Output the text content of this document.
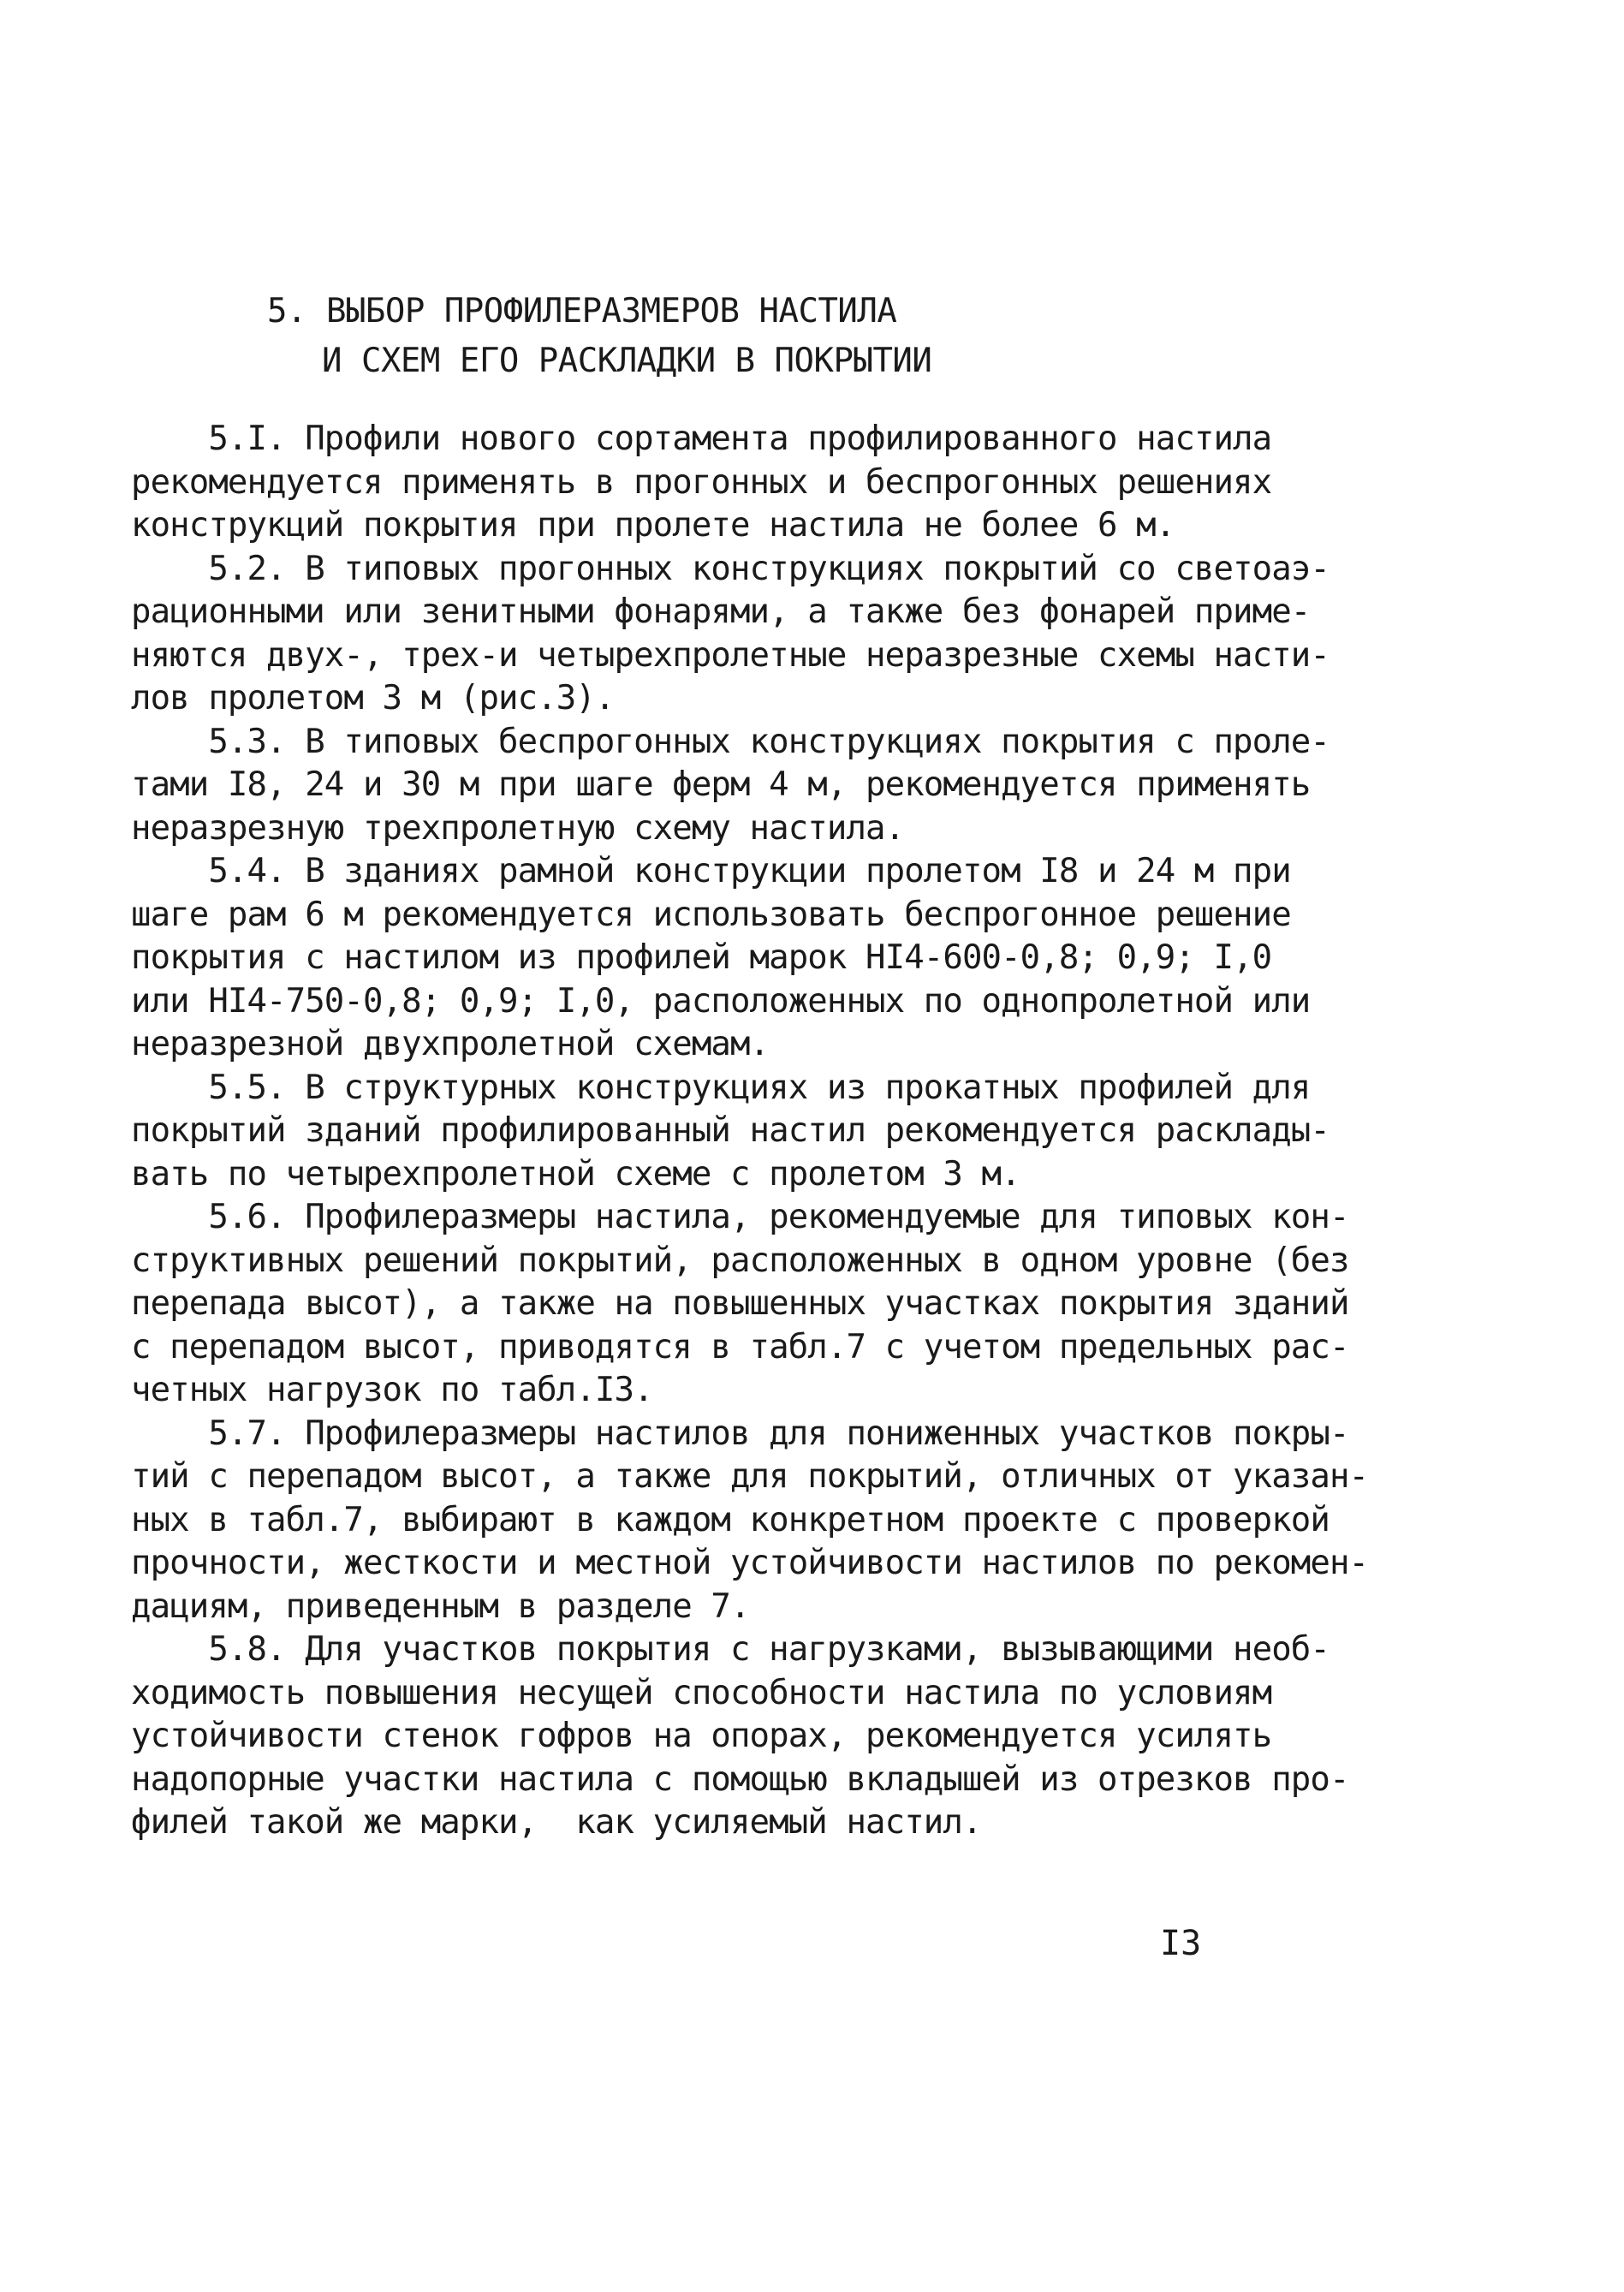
5. ВЫБОР ПРОФИЛЕРАЗМЕРОВ НАСТИЛА
И СХЕМ ЕГО РАСКЛАДКИ В ПОКРЫТИИ

5.I. Профили нового сортамента профилированного настила
рекомендуется применять в прогонных и беспрогонных решениях
конструкций покрытия при пролете настила не более 6 м.

5.2. В типовых прогонных конструкциях покрытий со светоаэ-
рационными или зенитными фонарями, а также без фонарей приме-
няются двух-, трех-и четырехпролетные неразрезные схемы насти-
лов пролетом 3 м (рис.3).

5.3. В типовых беспрогонных конструкциях покрытия с проле-
тами I8, 24 и 30 м при шаге ферм 4 м, рекомендуется применять
неразрезную трехпролетную схему настила.

5.4. В зданиях рамной конструкции пролетом I8 и 24 м при
шаге рам 6 м рекомендуется использовать беспрогонное решение
покрытия с настилом из профилей марок НI4-600-0,8; 0,9; I,0
или НI4-750-0,8; 0,9; I,0, расположенных по однопролетной или
неразрезной двухпролетной схемам.

5.5. В структурных конструкциях из прокатных профилей для
покрытий зданий профилированный настил рекомендуется расклады-
вать по четырехпролетной схеме с пролетом 3 м.

5.6. Профилеразмеры настила, рекомендуемые для типовых кон-
структивных решений покрытий, расположенных в одном уровне (без
перепада высот), а также на повышенных участках покрытия зданий
с перепадом высот, приводятся в табл.7 с учетом предельных рас-
четных нагрузок по табл.I3.

5.7. Профилеразмеры настилов для пониженных участков покры-
тий с перепадом высот, а также для покрытий, отличных от указан-
ных в табл.7, выбирают в каждом конкретном проекте с проверкой
прочности, жесткости и местной устойчивости настилов по рекомен-
дациям, приведенным в разделе 7.

5.8. Для участков покрытия с нагрузками, вызывающими необ-
ходимость повышения несущей способности настила по условиям
устойчивости стенок гофров на опорах, рекомендуется усилять
надопорные участки настила с помощью вкладышей из отрезков про-
филей такой же марки,  как усиляемый настил.

I3
